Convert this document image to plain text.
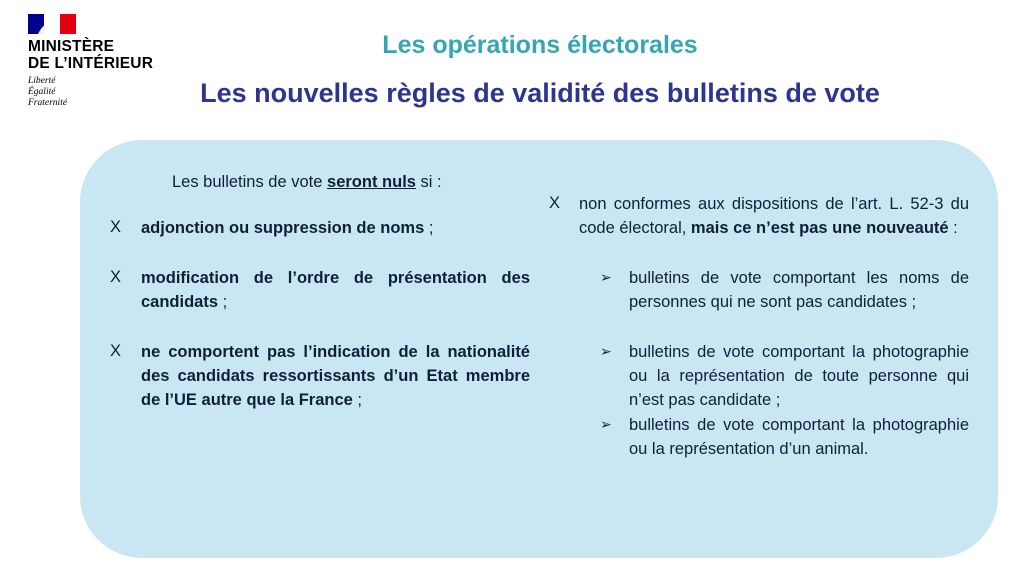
MINISTÈRE
DE L’INTÉRIEUR
Liberté
Égalité
Fraternité
Les opérations électorales
Les nouvelles règles de validité des bulletins de vote
Les bulletins de vote seront nuls si :
X adjonction ou suppression de noms ;
X modification de l’ordre de présentation des candidats ;
X ne comportent pas l’indication de la nationalité des candidats ressortissants d’un Etat membre de l’UE autre que la France ;
X non conformes aux dispositions de l’art. L. 52-3 du code électoral, mais ce n’est pas une nouveauté :
➢ bulletins de vote comportant les noms de personnes qui ne sont pas candidates ;
➢ bulletins de vote comportant la photographie ou la représentation de toute personne qui n’est pas candidate ;
➢ bulletins de vote comportant la photographie ou la représentation d’un animal.
